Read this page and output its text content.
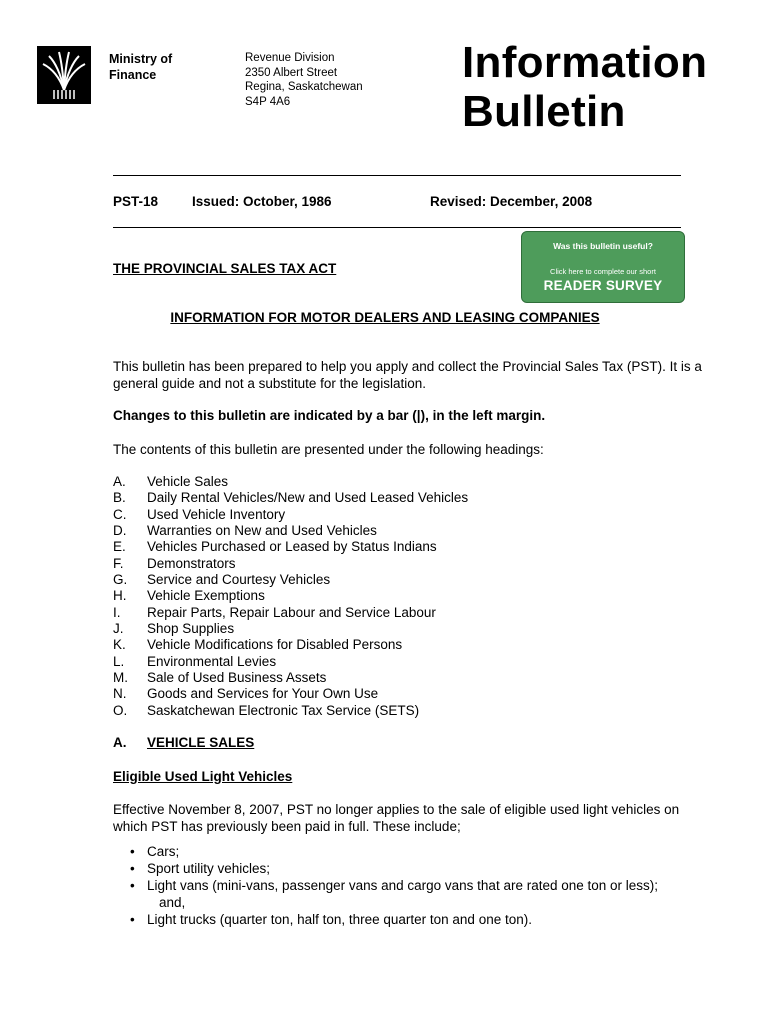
Ministry of
Finance
Revenue Division
2350 Albert Street
Regina, Saskatchewan
S4P 4A6
Information
Bulletin
PST-18	Issued: October, 1986	Revised: December, 2008
Was this bulletin useful?
Click here to complete our short
READER SURVEY
THE PROVINCIAL SALES TAX ACT
INFORMATION FOR MOTOR DEALERS AND LEASING COMPANIES
This bulletin has been prepared to help you apply and collect the Provincial Sales Tax (PST). It is a general guide and not a substitute for the legislation.
Changes to this bulletin are indicated by a bar (|), in the left margin.
The contents of this bulletin are presented under the following headings:
A.	Vehicle Sales
B.	Daily Rental Vehicles/New and Used Leased Vehicles
C.	Used Vehicle Inventory
D.	Warranties on New and Used Vehicles
E.	Vehicles Purchased or Leased by Status Indians
F.	Demonstrators
G.	Service and Courtesy Vehicles
H.	Vehicle Exemptions
I.	Repair Parts, Repair Labour and Service Labour
J.	Shop Supplies
K.	Vehicle Modifications for Disabled Persons
L.	Environmental Levies
M.	Sale of Used Business Assets
N.	Goods and Services for Your Own Use
O.	Saskatchewan Electronic Tax Service (SETS)
A. VEHICLE SALES
Eligible Used Light Vehicles
Effective November 8, 2007, PST no longer applies to the sale of eligible used light vehicles on which PST has previously been paid in full. These include;
• Cars;
• Sport utility vehicles;
• Light vans (mini-vans, passenger vans and cargo vans that are rated one ton or less);
and,
• Light trucks (quarter ton, half ton, three quarter ton and one ton).
